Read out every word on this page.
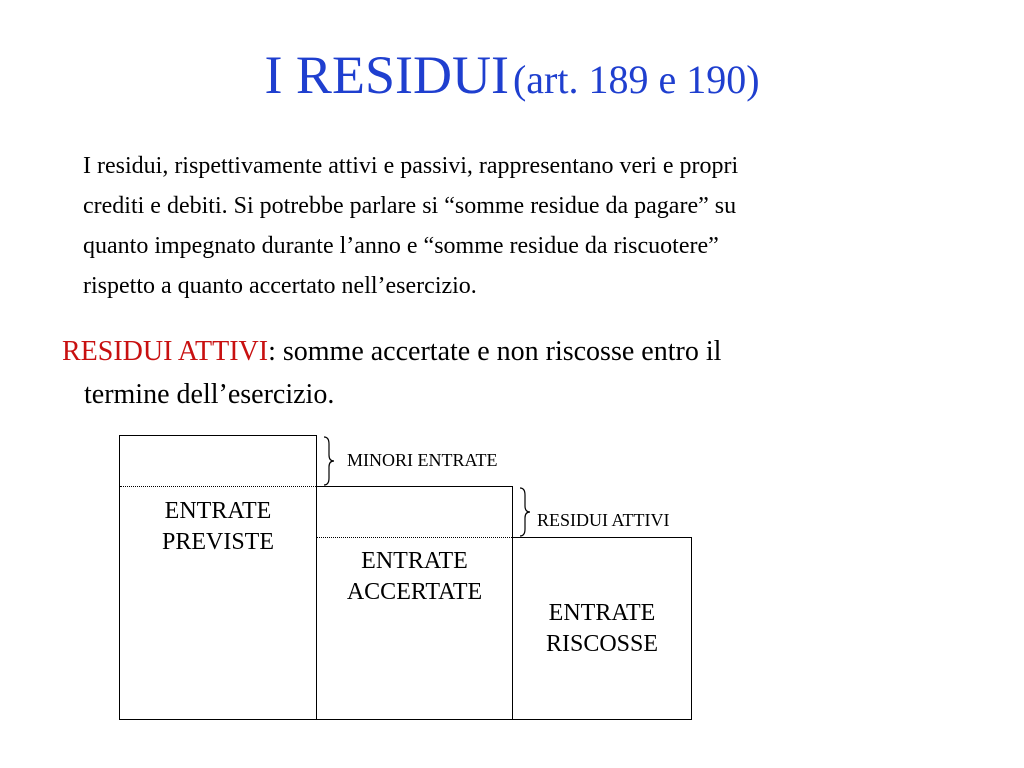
I RESIDUI (art. 189 e 190)

I residui, rispettivamente attivi e passivi, rappresentano veri e propri

crediti e debiti. Si potrebbe parlare si “somme residue da pagare” su

quanto impegnato durante l’anno e “somme residue da riscuotere”

rispetto a quanto accertato nell’esercizio.

RESIDUI ATTIVI: somme accertate e non riscosse entro il
termine dell’esercizio.
ENTRATE
PREVISTE
ENTRATE
ACCERTATE
ENTRATE
RISCOSSE
MINORI ENTRATE
RESIDUI ATTIVI
